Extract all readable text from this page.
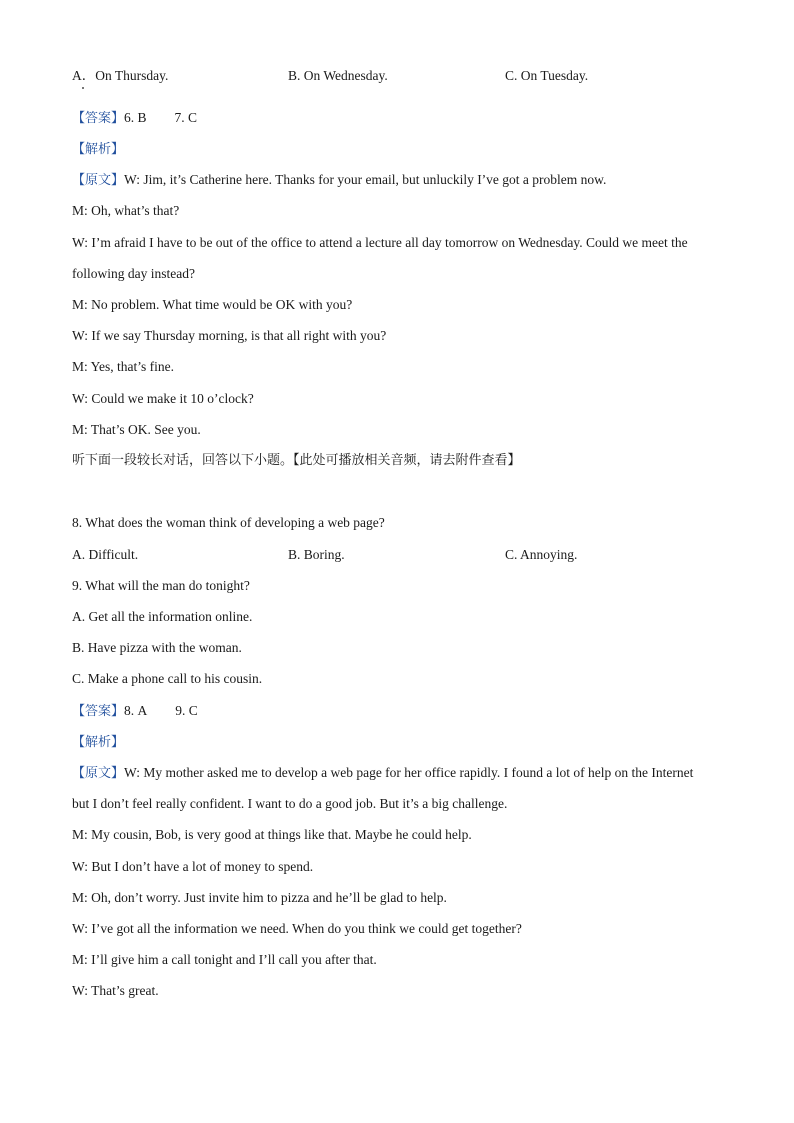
A．On Thursday.	B. On Wednesday.	C. On Tuesday.
【答案】6. B 7. C
【解析】
【原文】W: Jim, it’s Catherine here. Thanks for your email, but unluckily I’ve got a problem now.
M: Oh, what’s that?
W: I’m afraid I have to be out of the office to attend a lecture all day tomorrow on Wednesday. Could we meet the
following day instead?
M: No problem. What time would be OK with you?
W: If we say Thursday morning, is that all right with you?
M: Yes, that’s fine.
W: Could we make it 10 o’clock?
M: That’s OK. See you.
听下面一段较长对话，回答以下小题。【此处可播放相关音频，请去附件查看】
8. What does the woman think of developing a web page?
A. Difficult.	B. Boring.	C. Annoying.
9. What will the man do tonight?
A. Get all the information online.
B. Have pizza with the woman.
C. Make a phone call to his cousin.
【答案】8. A 9. C
【解析】
【原文】W: My mother asked me to develop a web page for her office rapidly. I found a lot of help on the Internet
but I don’t feel really confident. I want to do a good job. But it’s a big challenge.
M: My cousin, Bob, is very good at things like that. Maybe he could help.
W: But I don’t have a lot of money to spend.
M: Oh, don’t worry. Just invite him to pizza and he’ll be glad to help.
W: I’ve got all the information we need. When do you think we could get together?
M: I’ll give him a call tonight and I’ll call you after that.
W: That’s great.
